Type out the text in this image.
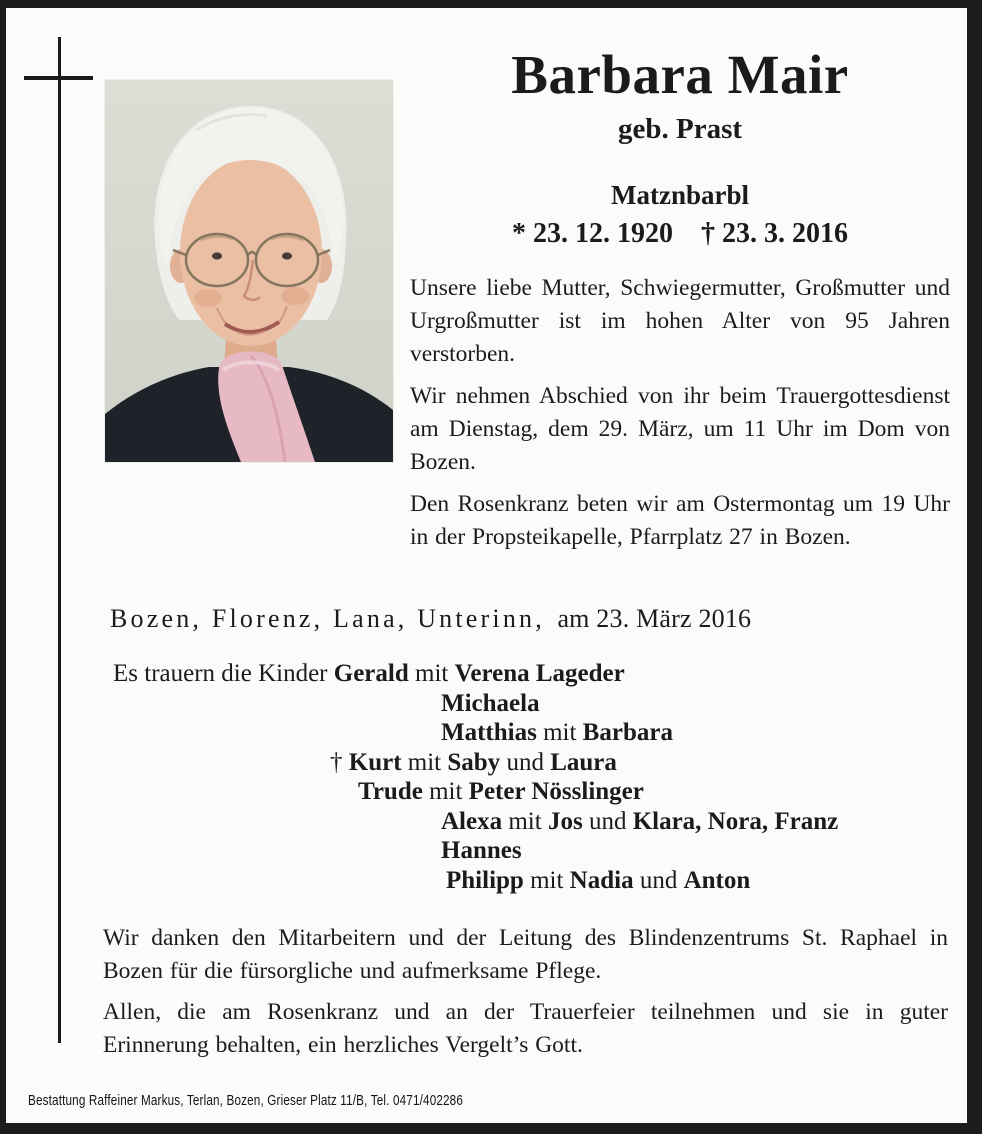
Barbara Mair
geb. Prast
Matznbarbl
* 23. 12. 1920 † 23. 3. 2016

Unsere liebe Mutter, Schwiegermutter, Großmutter und Urgroßmutter ist im hohen Alter von 95 Jahren verstorben.

Wir nehmen Abschied von ihr beim Trauergottesdienst am Dienstag, dem 29. März, um 11 Uhr im Dom von Bozen.

Den Rosenkranz beten wir am Ostermontag um 19 Uhr in der Propsteikapelle, Pfarrplatz 27 in Bozen.

Bozen, Florenz, Lana, Unterinn, am 23. März 2016
Es trauern die Kinder Gerald mit Verena Lageder
Michaela
Matthias mit Barbara
† Kurt mit Saby und Laura
Trude mit Peter Nösslinger
Alexa mit Jos und Klara, Nora, Franz
Hannes
Philipp mit Nadia und Anton

Wir danken den Mitarbeitern und der Leitung des Blindenzentrums St. Raphael in Bozen für die fürsorgliche und aufmerksame Pflege.

Allen, die am Rosenkranz und an der Trauerfeier teilnehmen und sie in guter Erinnerung behalten, ein herzliches Vergelt’s Gott.

Bestattung Raffeiner Markus, Terlan, Bozen, Grieser Platz 11/B, Tel. 0471/402286
